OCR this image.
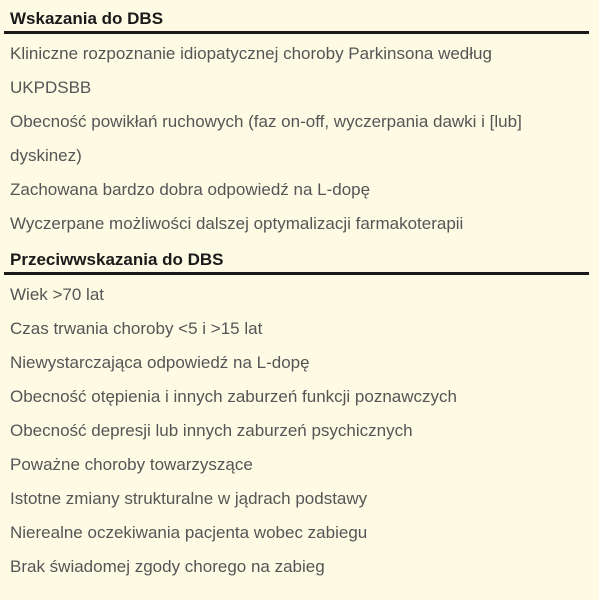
Wskazania do DBS
Kliniczne rozpoznanie idiopatycznej choroby Parkinsona według
UKPDSBB
Obecność powikłań ruchowych (faz on-off, wyczerpania dawki i [lub]
dyskinez)
Zachowana bardzo dobra odpowiedź na L-dopę
Wyczerpane możliwości dalszej optymalizacji farmakoterapii
Przeciwwskazania do DBS
Wiek >70 lat
Czas trwania choroby <5 i >15 lat
Niewystarczająca odpowiedź na L-dopę
Obecność otępienia i innych zaburzeń funkcji poznawczych
Obecność depresji lub innych zaburzeń psychicznych
Poważne choroby towarzyszące
Istotne zmiany strukturalne w jądrach podstawy
Nierealne oczekiwania pacjenta wobec zabiegu
Brak świadomej zgody chorego na zabieg
